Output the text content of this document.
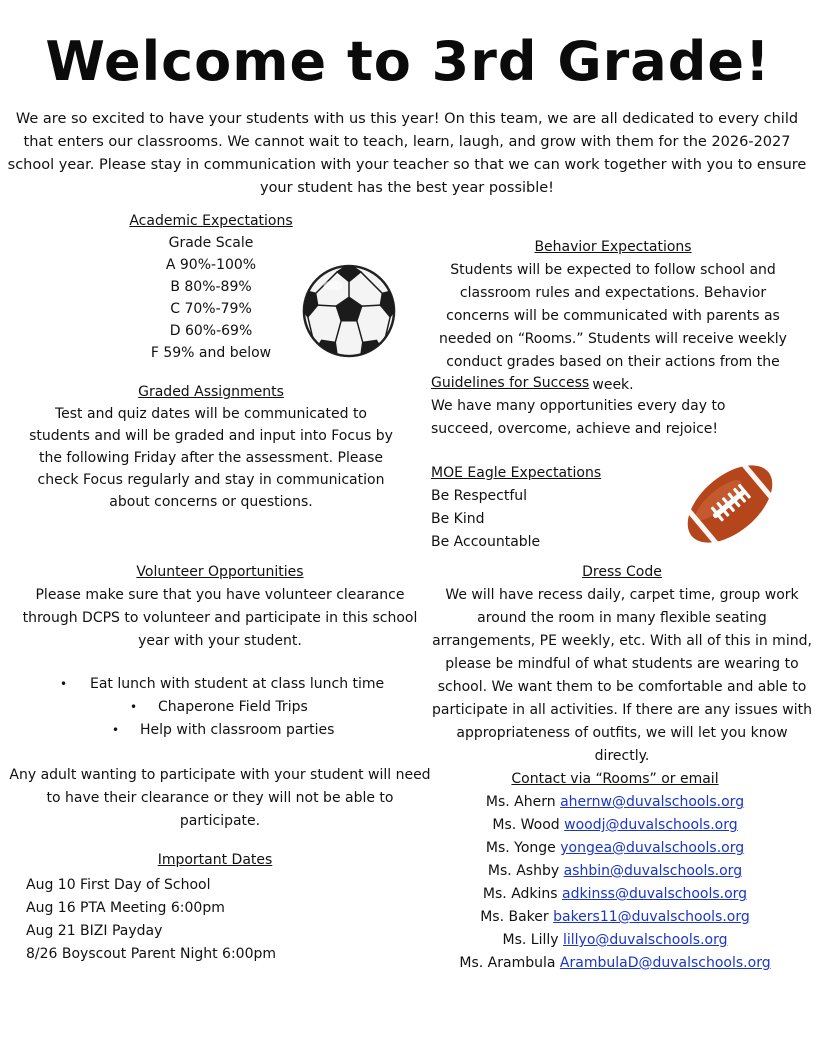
Welcome to 3rd Grade!
We are so excited to have your students with us this year! On this team, we are all dedicated to every child that enters our classrooms. We cannot wait to teach, learn, laugh, and grow with them for the 2026-2027 school year. Please stay in communication with your teacher so that we can work together with you to ensure your student has the best year possible!
Academic Expectations
Grade Scale
A 90%-100%
B 80%-89%
C 70%-79%
D 60%-69%
F 59% and below
Graded Assignments
Test and quiz dates will be communicated to students and will be graded and input into Focus by the following Friday after the assessment. Please check Focus regularly and stay in communication about concerns or questions.
Behavior Expectations
Students will be expected to follow school and classroom rules and expectations. Behavior concerns will be communicated with parents as needed on “Rooms.” Students will receive weekly conduct grades based on their actions from the week.
Guidelines for Success
We have many opportunities every day to succeed, overcome, achieve and rejoice!
MOE Eagle Expectations
Be Respectful
Be Kind
Be Accountable
Volunteer Opportunities
Please make sure that you have volunteer clearance through DCPS to volunteer and participate in this school year with your student.
• Eat lunch with student at class lunch time
• Chaperone Field Trips
• Help with classroom parties
Any adult wanting to participate with your student will need to have their clearance or they will not be able to participate.
Dress Code
We will have recess daily, carpet time, group work around the room in many flexible seating arrangements, PE weekly, etc. With all of this in mind, please be mindful of what students are wearing to school. We want them to be comfortable and able to participate in all activities. If there are any issues with appropriateness of outfits, we will let you know directly.
Important Dates
Aug 10 First Day of School
Aug 16 PTA Meeting 6:00pm
Aug 21 BIZI Payday
8/26 Boyscout Parent Night 6:00pm
Contact via “Rooms” or email
Ms. Ahern ahernw@duvalschools.org
Ms. Wood woodj@duvalschools.org
Ms. Yonge yongea@duvalschools.org
Ms. Ashby ashbin@duvalschools.org
Ms. Adkins adkinss@duvalschools.org
Ms. Baker bakers11@duvalschools.org
Ms. Lilly lillyo@duvalschools.org
Ms. Arambula ArambulaD@duvalschools.org
